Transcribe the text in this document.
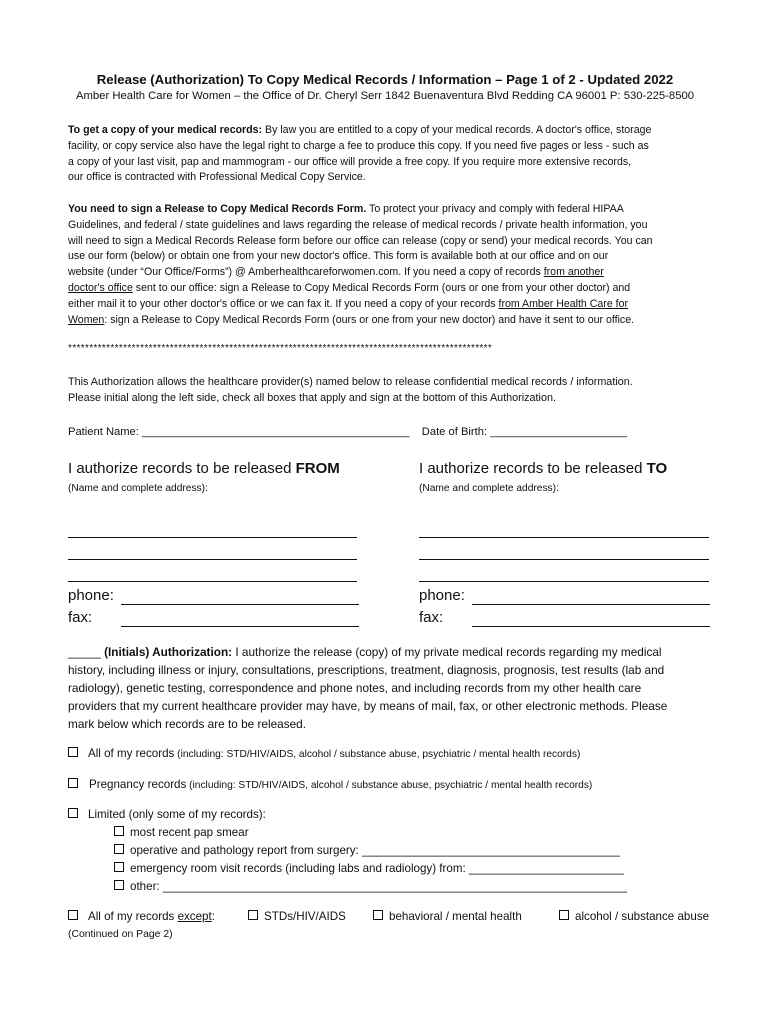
Release (Authorization) To Copy Medical Records / Information – Page 1 of 2 - Updated 2022
Amber Health Care for Women – the Office of Dr. Cheryl Serr 1842 Buenaventura Blvd Redding CA 96001 P: 530-225-8500
To get a copy of your medical records: By law you are entitled to a copy of your medical records. A doctor's office, storage
facility, or copy service also have the legal right to charge a fee to produce this copy. If you need five pages or less - such as
a copy of your last visit, pap and mammogram - our office will provide a free copy. If you require more extensive records,
our office is contracted with Professional Medical Copy Service.
You need to sign a Release to Copy Medical Records Form. To protect your privacy and comply with federal HIPAA
Guidelines, and federal / state guidelines and laws regarding the release of medical records / private health information, you
will need to sign a Medical Records Release form before our office can release (copy or send) your medical records. You can
use our form (below) or obtain one from your new doctor's office. This form is available both at our office and on our
website (under “Our Office/Forms”) @ Amberhealthcareforwomen.com. If you need a copy of records from another
doctor's office sent to our office: sign a Release to Copy Medical Records Form (ours or one from your other doctor) and
either mail it to your other doctor's office or we can fax it. If you need a copy of your records from Amber Health Care for
Women: sign a Release to Copy Medical Records Form (ours or one from your new doctor) and have it sent to our office.
****************************************************************************************************
This Authorization allows the healthcare provider(s) named below to release confidential medical records / information.
Please initial along the left side, check all boxes that apply and sign at the bottom of this Authorization.
Patient Name: ___________________________________________ Date of Birth: ______________________
I authorize records to be released FROM
(Name and complete address):
phone:
fax:
I authorize records to be released TO
(Name and complete address):
phone:
fax:
_____ (Initials) Authorization: I authorize the release (copy) of my private medical records regarding my medical
history, including illness or injury, consultations, prescriptions, treatment, diagnosis, prognosis, test results (lab and
radiology), genetic testing, correspondence and phone notes, and including records from my other health care
providers that my current healthcare provider may have, by means of mail, fax, or other electronic methods. Please
mark below which records are to be released.
All of my records (including: STD/HIV/AIDS, alcohol / substance abuse, psychiatric / mental health records)
Pregnancy records (including: STD/HIV/AIDS, alcohol / substance abuse, psychiatric / mental health records)
Limited (only some of my records):
most recent pap smear
operative and pathology report from surgery: ________________________________________
emergency room visit records (including labs and radiology) from: ________________________
other: ________________________________________________________________________
All of my records except:	STDs/HIV/AIDS	behavioral / mental health	alcohol / substance abuse
(Continued on Page 2)
